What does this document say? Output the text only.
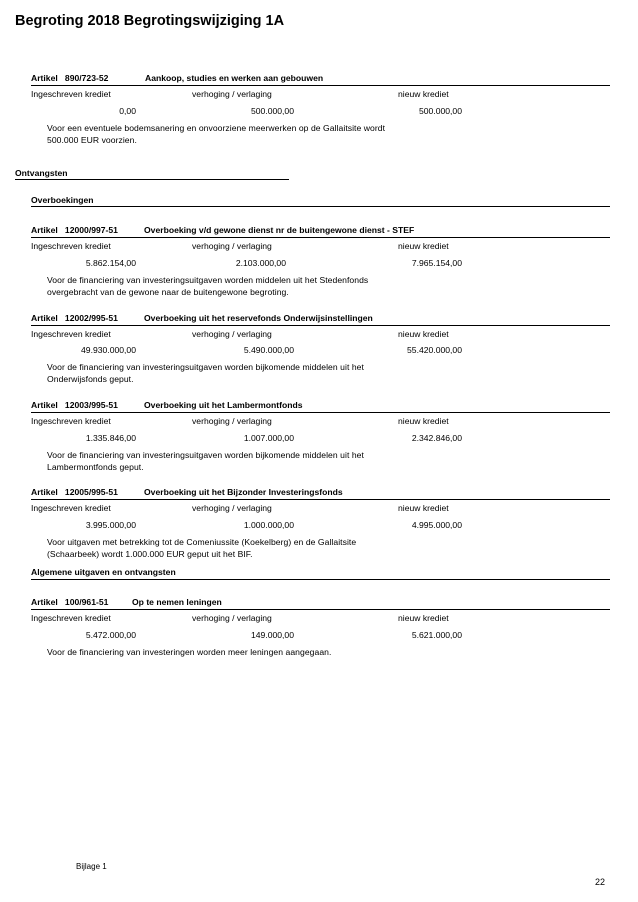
Begroting 2018 Begrotingswijziging 1A
Artikel 890/723-52	Aankoop, studies en werken aan gebouwen
Ingeschreven krediet	verhoging / verlaging	nieuw krediet
0,00	500.000,00	500.000,00
Voor een eventuele bodemsanering en onvoorziene meerwerken op de Gallaitsite wordt
500.000 EUR voorzien.
Ontvangsten
Overboekingen
Artikel 12000/997-51	Overboeking v/d gewone dienst nr de buitengewone dienst - STEF
Ingeschreven krediet	verhoging / verlaging	nieuw krediet
5.862.154,00	2.103.000,00	7.965.154,00
Voor de financiering van investeringsuitgaven worden middelen uit het Stedenfonds
overgebracht van de gewone naar de buitengewone begroting.
Artikel 12002/995-51	Overboeking uit het reservefonds Onderwijsinstellingen
Ingeschreven krediet	verhoging / verlaging	nieuw krediet
49.930.000,00	5.490.000,00	55.420.000,00
Voor de financiering van investeringsuitgaven worden bijkomende middelen uit het
Onderwijsfonds geput.
Artikel 12003/995-51	Overboeking uit het Lambermontfonds
Ingeschreven krediet	verhoging / verlaging	nieuw krediet
1.335.846,00	1.007.000,00	2.342.846,00
Voor de financiering van investeringsuitgaven worden bijkomende middelen uit het
Lambermontfonds geput.
Artikel 12005/995-51	Overboeking uit het Bijzonder Investeringsfonds
Ingeschreven krediet	verhoging / verlaging	nieuw krediet
3.995.000,00	1.000.000,00	4.995.000,00
Voor uitgaven met betrekking tot de Comeniussite (Koekelberg) en de Gallaitsite
(Schaarbeek) wordt 1.000.000 EUR geput uit het BIF.
Algemene uitgaven en ontvangsten
Artikel 100/961-51	Op te nemen leningen
Ingeschreven krediet	verhoging / verlaging	nieuw krediet
5.472.000,00	149.000,00	5.621.000,00
Voor de financiering van investeringen worden meer leningen aangegaan.
Bijlage 1
22
